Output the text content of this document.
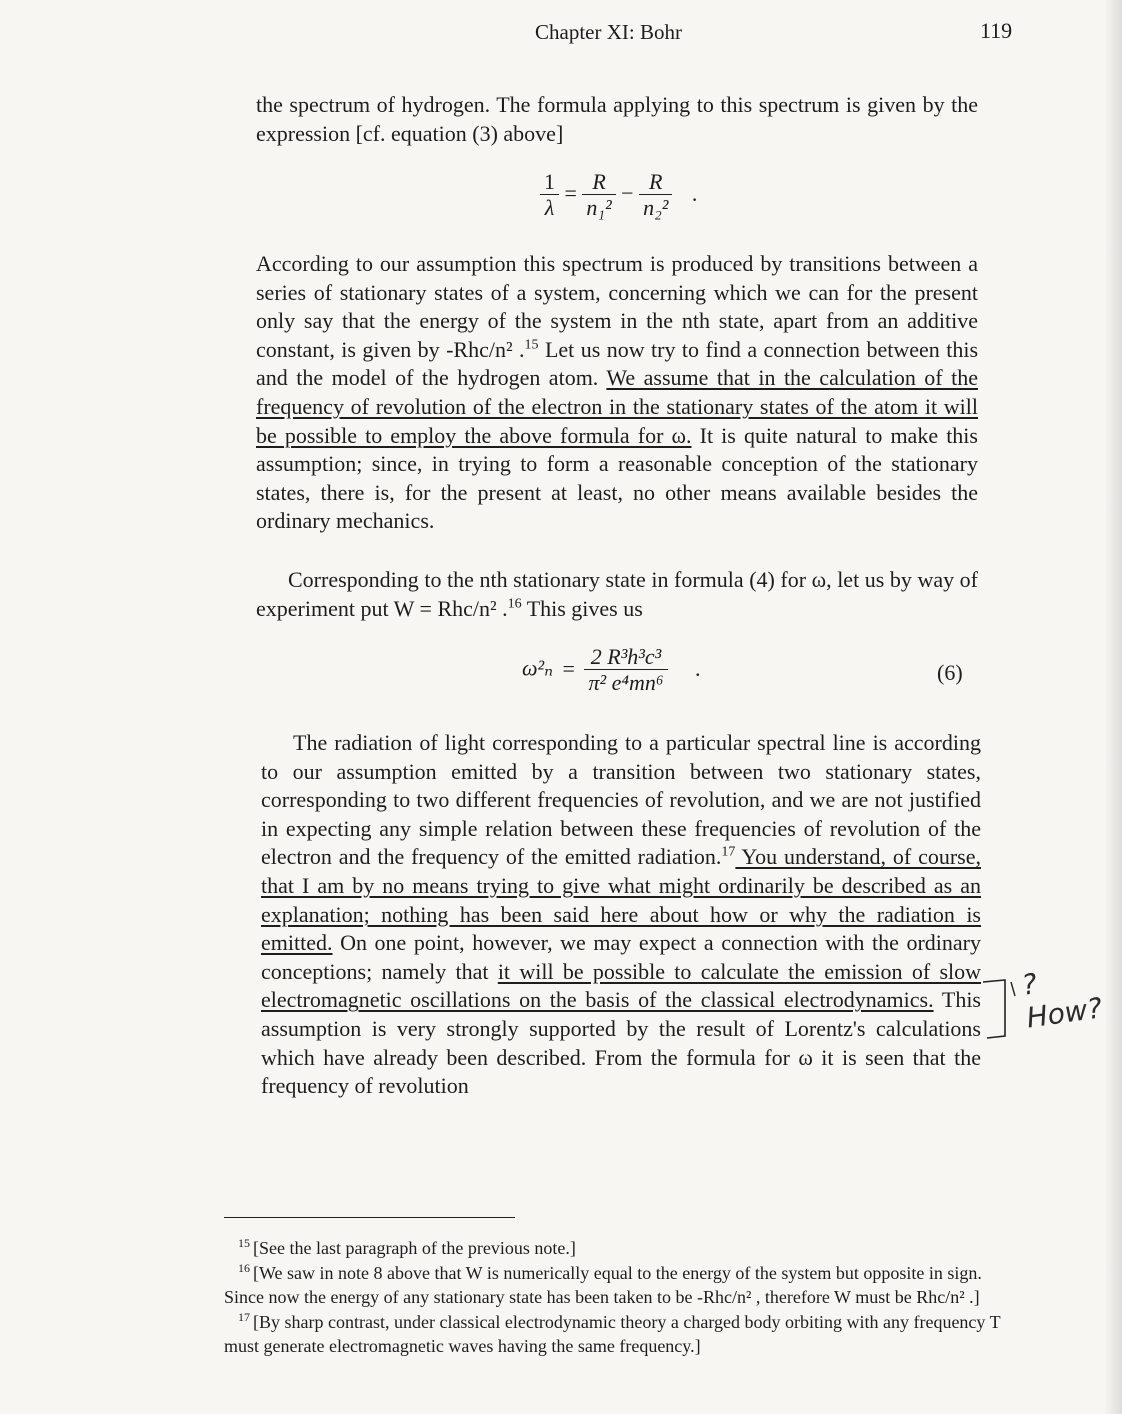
Chapter XI: Bohr	119

the spectrum of hydrogen. The formula applying to this spectrum is given by the expression [cf. equation (3) above]

$\frac{1}{\lambda} = \frac{R}{\text{n₁²}} - \frac{R}{\text{n₂²}}$ .

According to our assumption this spectrum is produced by transitions between a series of stationary states of a system, concerning which we can for the present only say that the energy of the system in the nth state, apart from an additive constant, is given by -Rhc/n² .$^{15}$ Let us now try to find a connection between this and the model of the hydrogen atom. We assume that in the calculation of the frequency of revolution of the electron in the stationary states of the atom it will be possible to employ the above formula for ω. It is quite natural to make this assumption; since, in trying to form a reasonable conception of the stationary states, there is, for the present at least, no other means available besides the ordinary mechanics.

Corresponding to the nth stationary state in formula (4) for ω, let us by way of experiment put W = Rhc/n² .$^{16}$ This gives us

$\omega^2_n = \frac{\text{2 R³h³c³}}{\text{π² e⁴mn⁶}}$ .	(6)

The radiation of light corresponding to a particular spectral line is according to our assumption emitted by a transition between two stationary states, corresponding to two different frequencies of revolution, and we are not justified in expecting any simple relation between these frequencies of revolution of the electron and the frequency of the emitted radiation.$^{17}$ You understand, of course, that I am by no means trying to give what might ordinarily be described as an explanation; nothing has been said here about how or why the radiation is emitted. On one point, however, we may expect a connection with the ordinary conceptions; namely that it will be possible to calculate the emission of slow electromagnetic oscillations on the basis of the classical electrodynamics. This assumption is very strongly supported by the result of Lorentz's calculations which have already been described. From the formula for ω it is seen that the frequency of revolution

? How?

$^{15}$ [See the last paragraph of the previous note.]

$^{16}$ [We saw in note 8 above that W is numerically equal to the energy of the system but opposite in sign. Since now the energy of any stationary state has been taken to be -Rhc/n² , therefore W must be Rhc/n² .]

$^{17}$ [By sharp contrast, under classical electrodynamic theory a charged body orbiting with any frequency T must generate electromagnetic waves having the same frequency.]
